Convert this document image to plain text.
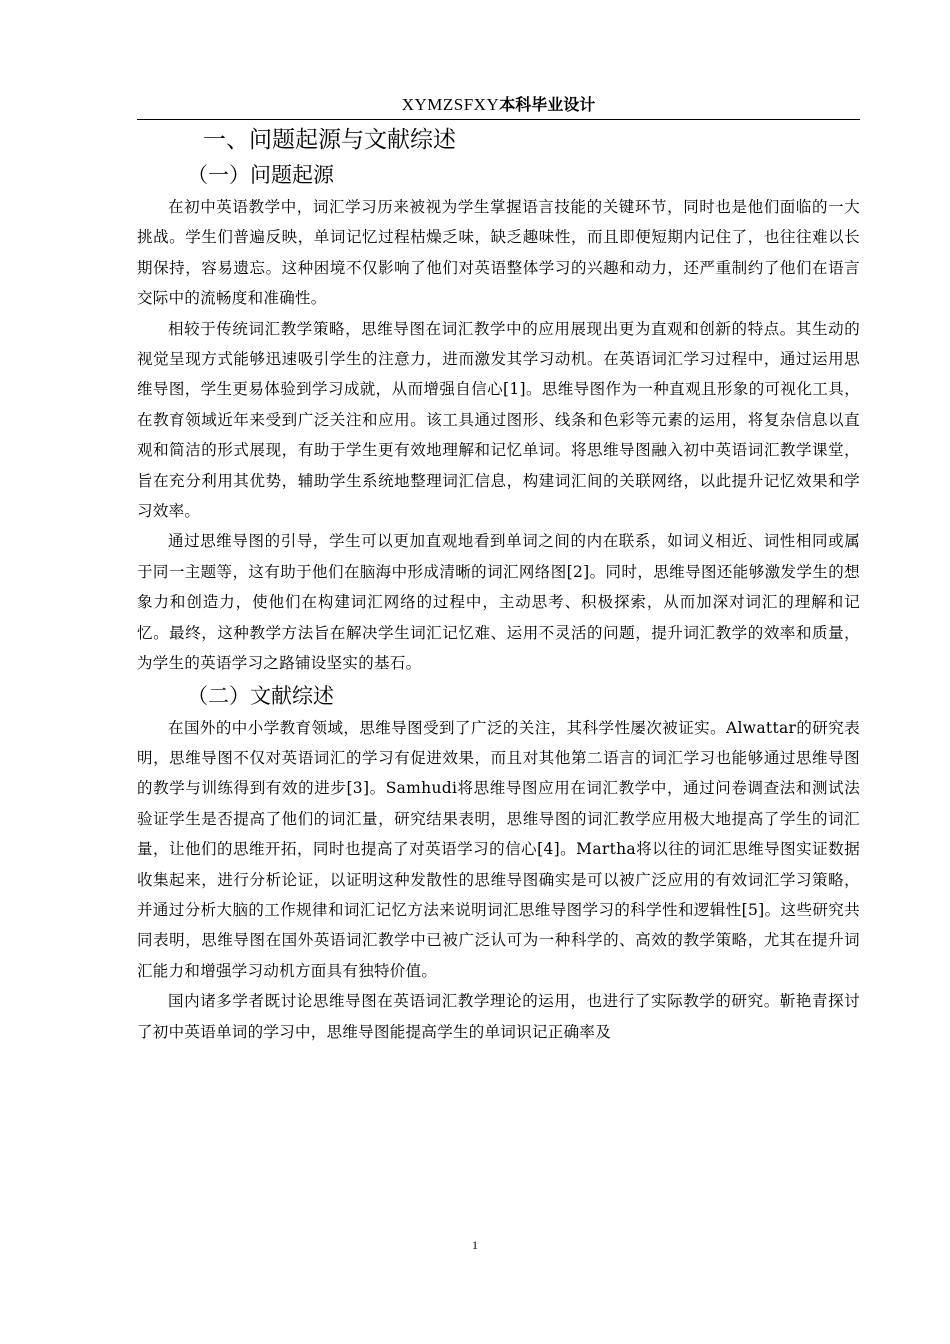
XYMZSFXY本科毕业设计
一、问题起源与文献综述
（一）问题起源

在初中英语教学中，词汇学习历来被视为学生掌握语言技能的关键环节，同时也是他们面临的一大挑战。学生们普遍反映，单词记忆过程枯燥乏味，缺乏趣味性，而且即便短期内记住了，也往往难以长期保持，容易遗忘。这种困境不仅影响了他们对英语整体学习的兴趣和动力，还严重制约了他们在语言交际中的流畅度和准确性。

相较于传统词汇教学策略，思维导图在词汇教学中的应用展现出更为直观和创新的特点。其生动的视觉呈现方式能够迅速吸引学生的注意力，进而激发其学习动机。在英语词汇学习过程中，通过运用思维导图，学生更易体验到学习成就，从而增强自信心[1]。思维导图作为一种直观且形象的可视化工具，在教育领域近年来受到广泛关注和应用。该工具通过图形、线条和色彩等元素的运用，将复杂信息以直观和简洁的形式展现，有助于学生更有效地理解和记忆单词。将思维导图融入初中英语词汇教学课堂，旨在充分利用其优势，辅助学生系统地整理词汇信息，构建词汇间的关联网络，以此提升记忆效果和学习效率。

通过思维导图的引导，学生可以更加直观地看到单词之间的内在联系，如词义相近、词性相同或属于同一主题等，这有助于他们在脑海中形成清晰的词汇网络图[2]。同时，思维导图还能够激发学生的想象力和创造力，使他们在构建词汇网络的过程中，主动思考、积极探索，从而加深对词汇的理解和记忆。最终，这种教学方法旨在解决学生词汇记忆难、运用不灵活的问题，提升词汇教学的效率和质量，为学生的英语学习之路铺设坚实的基石。

（二）文献综述

在国外的中小学教育领域，思维导图受到了广泛的关注，其科学性屡次被证实。Alwattar的研究表明，思维导图不仅对英语词汇的学习有促进效果，而且对其他第二语言的词汇学习也能够通过思维导图的教学与训练得到有效的进步[3]。Samhudi将思维导图应用在词汇教学中，通过问卷调查法和测试法验证学生是否提高了他们的词汇量，研究结果表明，思维导图的词汇教学应用极大地提高了学生的词汇量，让他们的思维开拓，同时也提高了对英语学习的信心[4]。Martha将以往的词汇思维导图实证数据收集起来，进行分析论证，以证明这种发散性的思维导图确实是可以被广泛应用的有效词汇学习策略，并通过分析大脑的工作规律和词汇记忆方法来说明词汇思维导图学习的科学性和逻辑性[5]。这些研究共同表明，思维导图在国外英语词汇教学中已被广泛认可为一种科学的、高效的教学策略，尤其在提升词汇能力和增强学习动机方面具有独特价值。

国内诸多学者既讨论思维导图在英语词汇教学理论的运用，也进行了实际教学的研究。靳艳青探讨了初中英语单词的学习中，思维导图能提高学生的单词识记正确率及

1
